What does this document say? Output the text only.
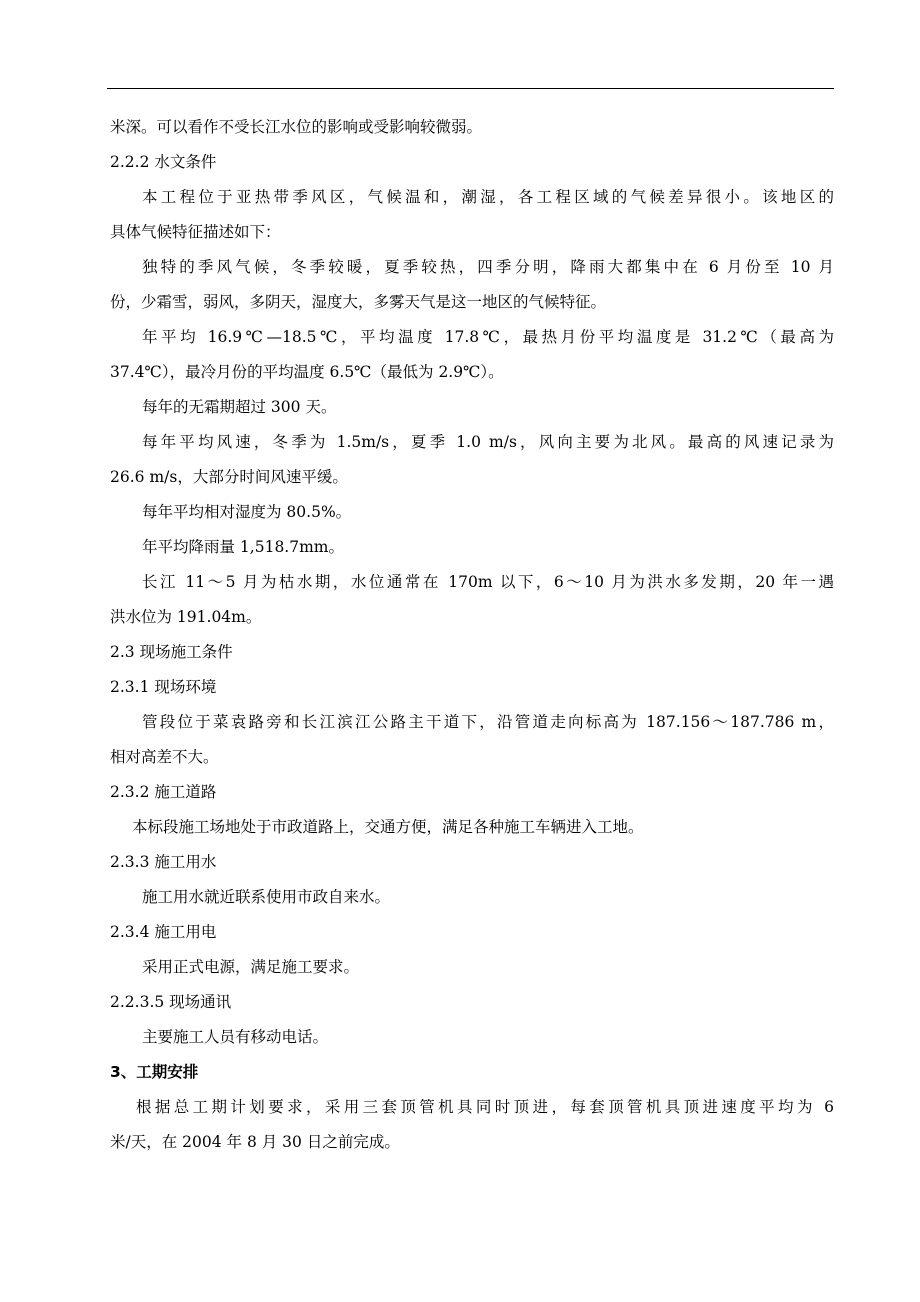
米深。可以看作不受长江水位的影响或受影响较微弱。
2.2.2 水文条件
本工程位于亚热带季风区，气候温和，潮湿，各工程区域的气候差异很小。该地区的
具体气候特征描述如下：
独特的季风气候，冬季较暖，夏季较热，四季分明，降雨大都集中在 6 月份至 10 月
份，少霜雪，弱风，多阴天，湿度大，多雾天气是这一地区的气候特征。
年平均 16.9℃—18.5℃，平均温度 17.8℃，最热月份平均温度是 31.2℃（最高为
37.4℃），最冷月份的平均温度 6.5℃（最低为 2.9℃）。
每年的无霜期超过 300 天。
每年平均风速，冬季为 1.5m/s，夏季 1.0 m/s，风向主要为北风。最高的风速记录为
26.6 m/s，大部分时间风速平缓。
每年平均相对湿度为 80.5%。
年平均降雨量 1,518.7mm。
长江 11～5 月为枯水期，水位通常在 170m 以下，6～10 月为洪水多发期，20 年一遇
洪水位为 191.04m。
2.3 现场施工条件
2.3.1 现场环境
管段位于菜袁路旁和长江滨江公路主干道下，沿管道走向标高为 187.156～187.786 m，
相对高差不大。
2.3.2 施工道路
本标段施工场地处于市政道路上，交通方便，满足各种施工车辆进入工地。
2.3.3 施工用水
施工用水就近联系使用市政自来水。
2.3.4 施工用电
采用正式电源，满足施工要求。
2.2.3.5 现场通讯
主要施工人员有移动电话。
3、工期安排
根据总工期计划要求，采用三套顶管机具同时顶进，每套顶管机具顶进速度平均为 6
米/天，在 2004 年 8 月 30 日之前完成。
